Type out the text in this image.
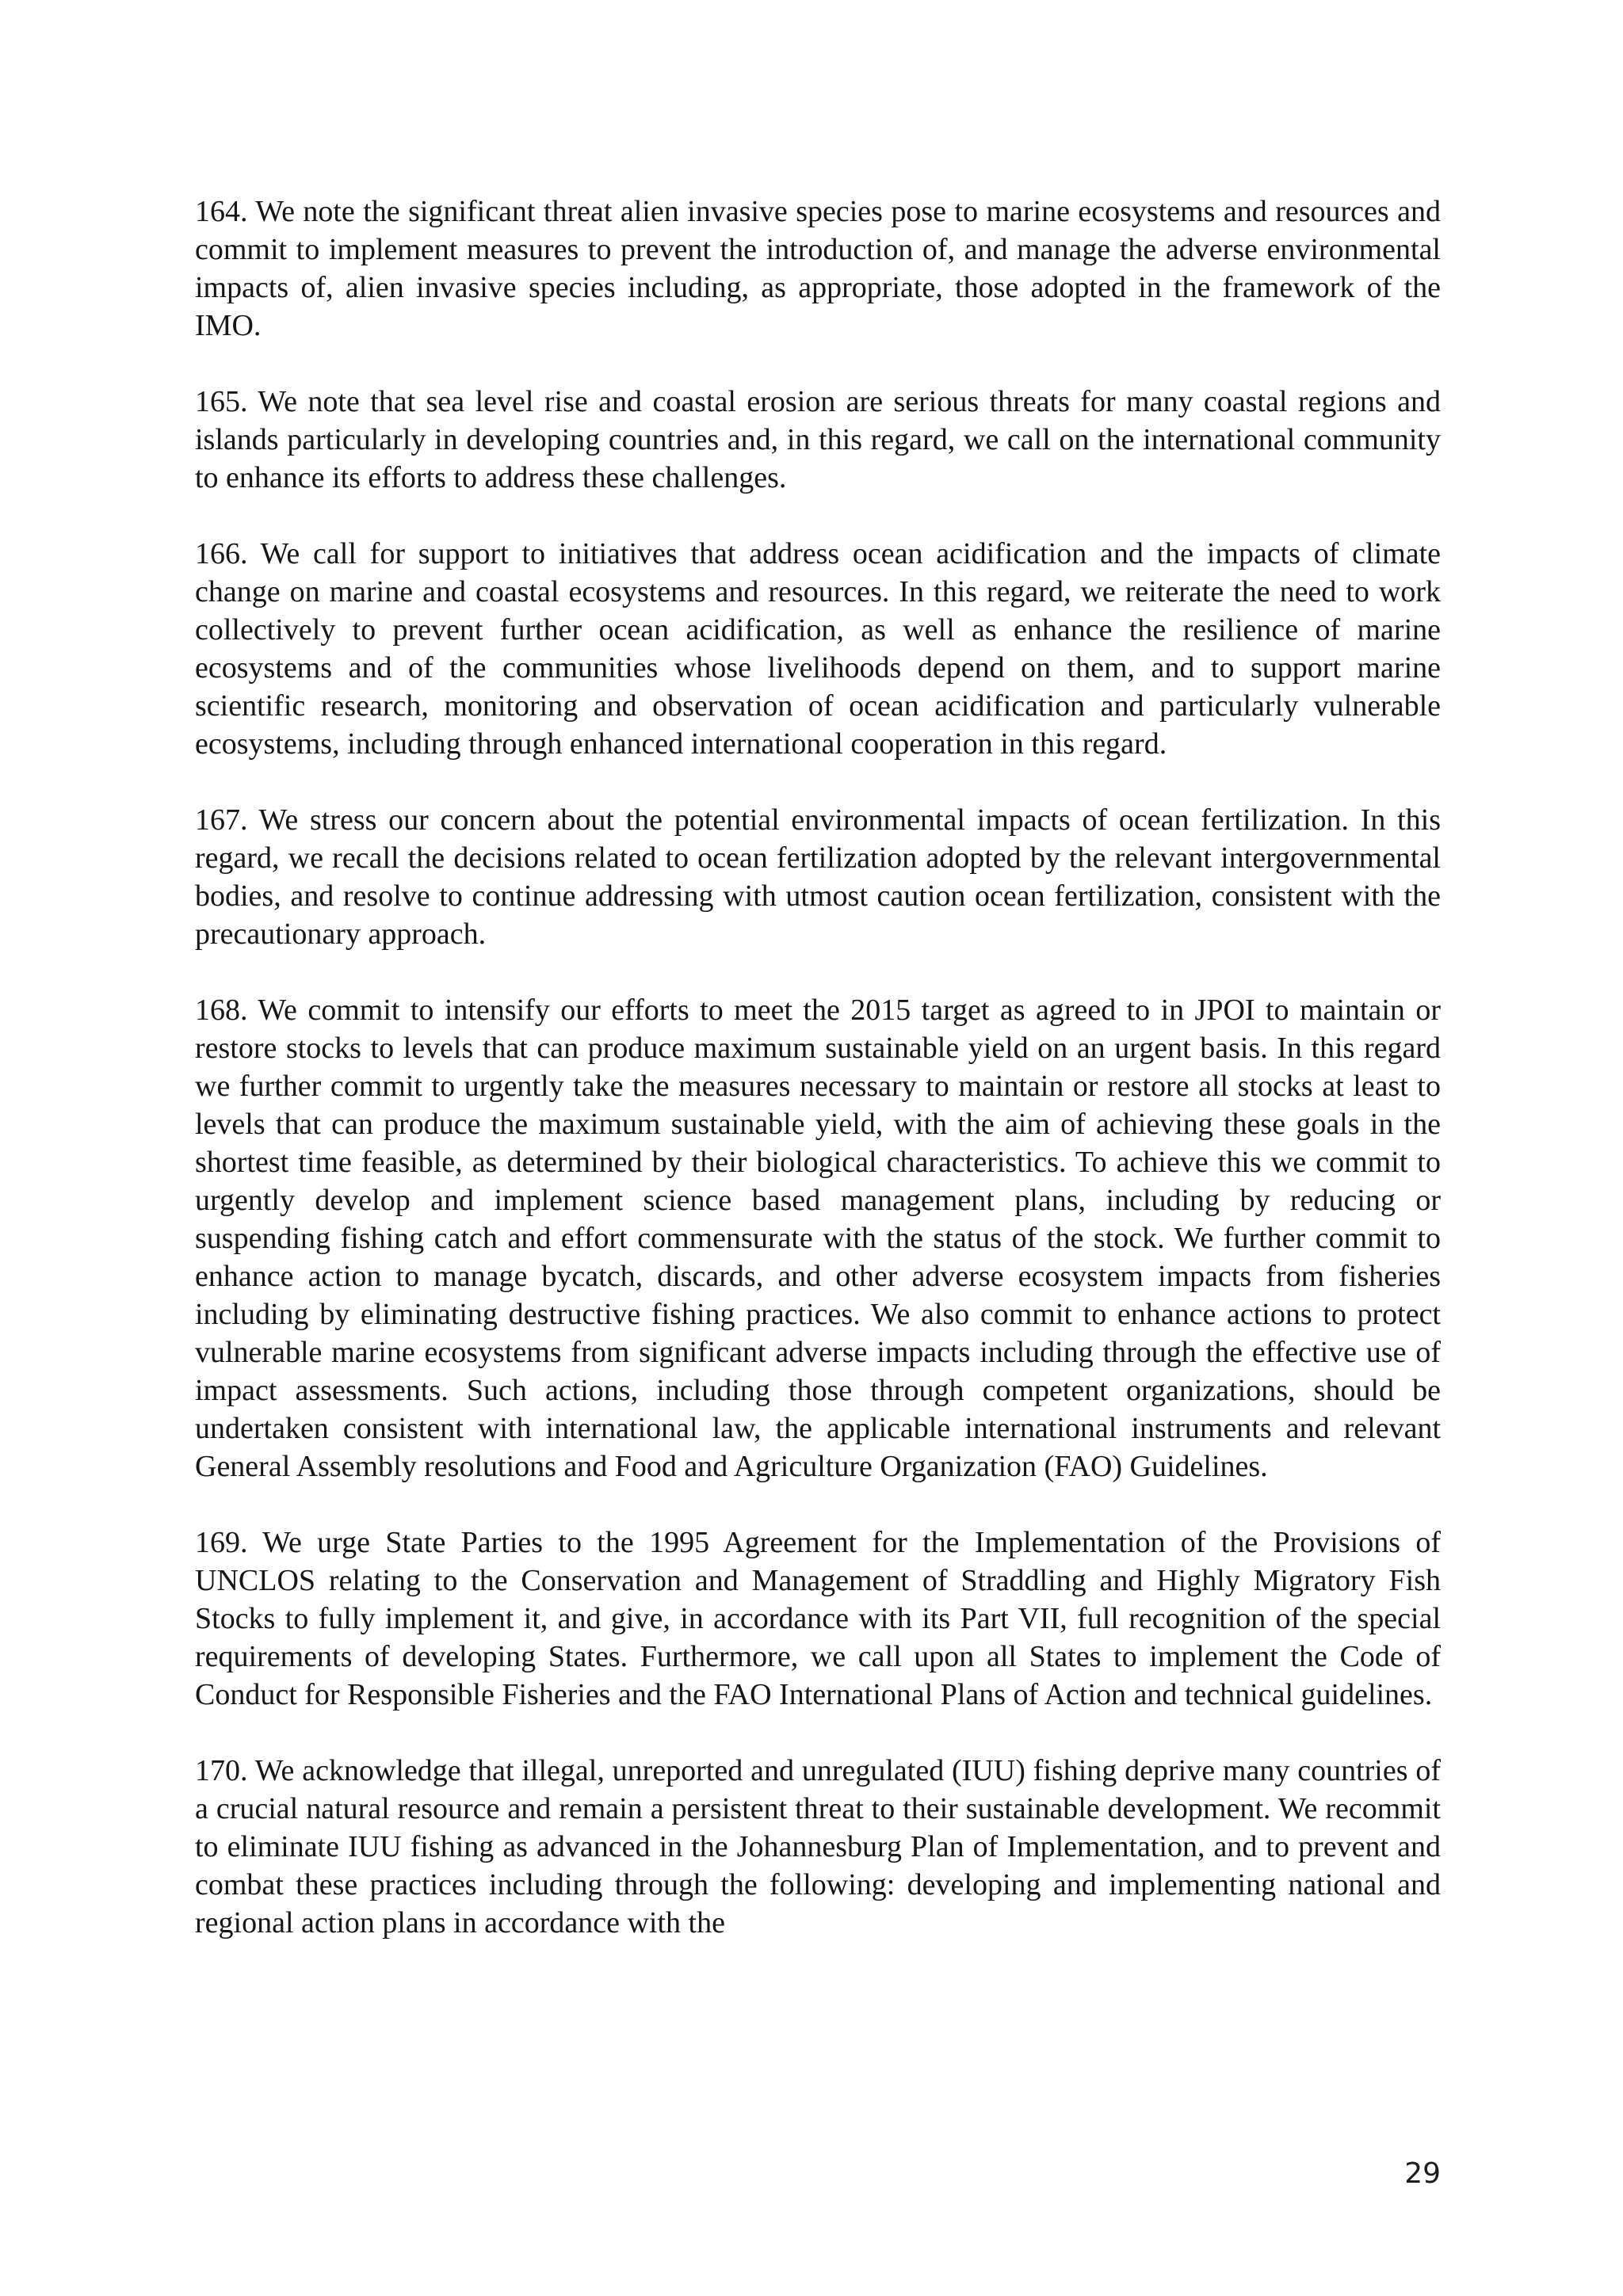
164. We note the significant threat alien invasive species pose to marine ecosystems and resources and commit to implement measures to prevent the introduction of, and manage the adverse environmental impacts of, alien invasive species including, as appropriate, those adopted in the framework of the IMO.

165. We note that sea level rise and coastal erosion are serious threats for many coastal regions and islands particularly in developing countries and, in this regard, we call on the international community to enhance its efforts to address these challenges.

166. We call for support to initiatives that address ocean acidification and the impacts of climate change on marine and coastal ecosystems and resources. In this regard, we reiterate the need to work collectively to prevent further ocean acidification, as well as enhance the resilience of marine ecosystems and of the communities whose livelihoods depend on them, and to support marine scientific research, monitoring and observation of ocean acidification and particularly vulnerable ecosystems, including through enhanced international cooperation in this regard.

167. We stress our concern about the potential environmental impacts of ocean fertilization. In this regard, we recall the decisions related to ocean fertilization adopted by the relevant intergovernmental bodies, and resolve to continue addressing with utmost caution ocean fertilization, consistent with the precautionary approach.

168. We commit to intensify our efforts to meet the 2015 target as agreed to in JPOI to maintain or restore stocks to levels that can produce maximum sustainable yield on an urgent basis. In this regard we further commit to urgently take the measures necessary to maintain or restore all stocks at least to levels that can produce the maximum sustainable yield, with the aim of achieving these goals in the shortest time feasible, as determined by their biological characteristics. To achieve this we commit to urgently develop and implement science based management plans, including by reducing or suspending fishing catch and effort commensurate with the status of the stock. We further commit to enhance action to manage bycatch, discards, and other adverse ecosystem impacts from fisheries including by eliminating destructive fishing practices. We also commit to enhance actions to protect vulnerable marine ecosystems from significant adverse impacts including through the effective use of impact assessments. Such actions, including those through competent organizations, should be undertaken consistent with international law, the applicable international instruments and relevant General Assembly resolutions and Food and Agriculture Organization (FAO) Guidelines.

169. We urge State Parties to the 1995 Agreement for the Implementation of the Provisions of UNCLOS relating to the Conservation and Management of Straddling and Highly Migratory Fish Stocks to fully implement it, and give, in accordance with its Part VII, full recognition of the special requirements of developing States. Furthermore, we call upon all States to implement the Code of Conduct for Responsible Fisheries and the FAO International Plans of Action and technical guidelines.

170. We acknowledge that illegal, unreported and unregulated (IUU) fishing deprive many countries of a crucial natural resource and remain a persistent threat to their sustainable development. We recommit to eliminate IUU fishing as advanced in the Johannesburg Plan of Implementation, and to prevent and combat these practices including through the following: developing and implementing national and regional action plans in accordance with the

29
